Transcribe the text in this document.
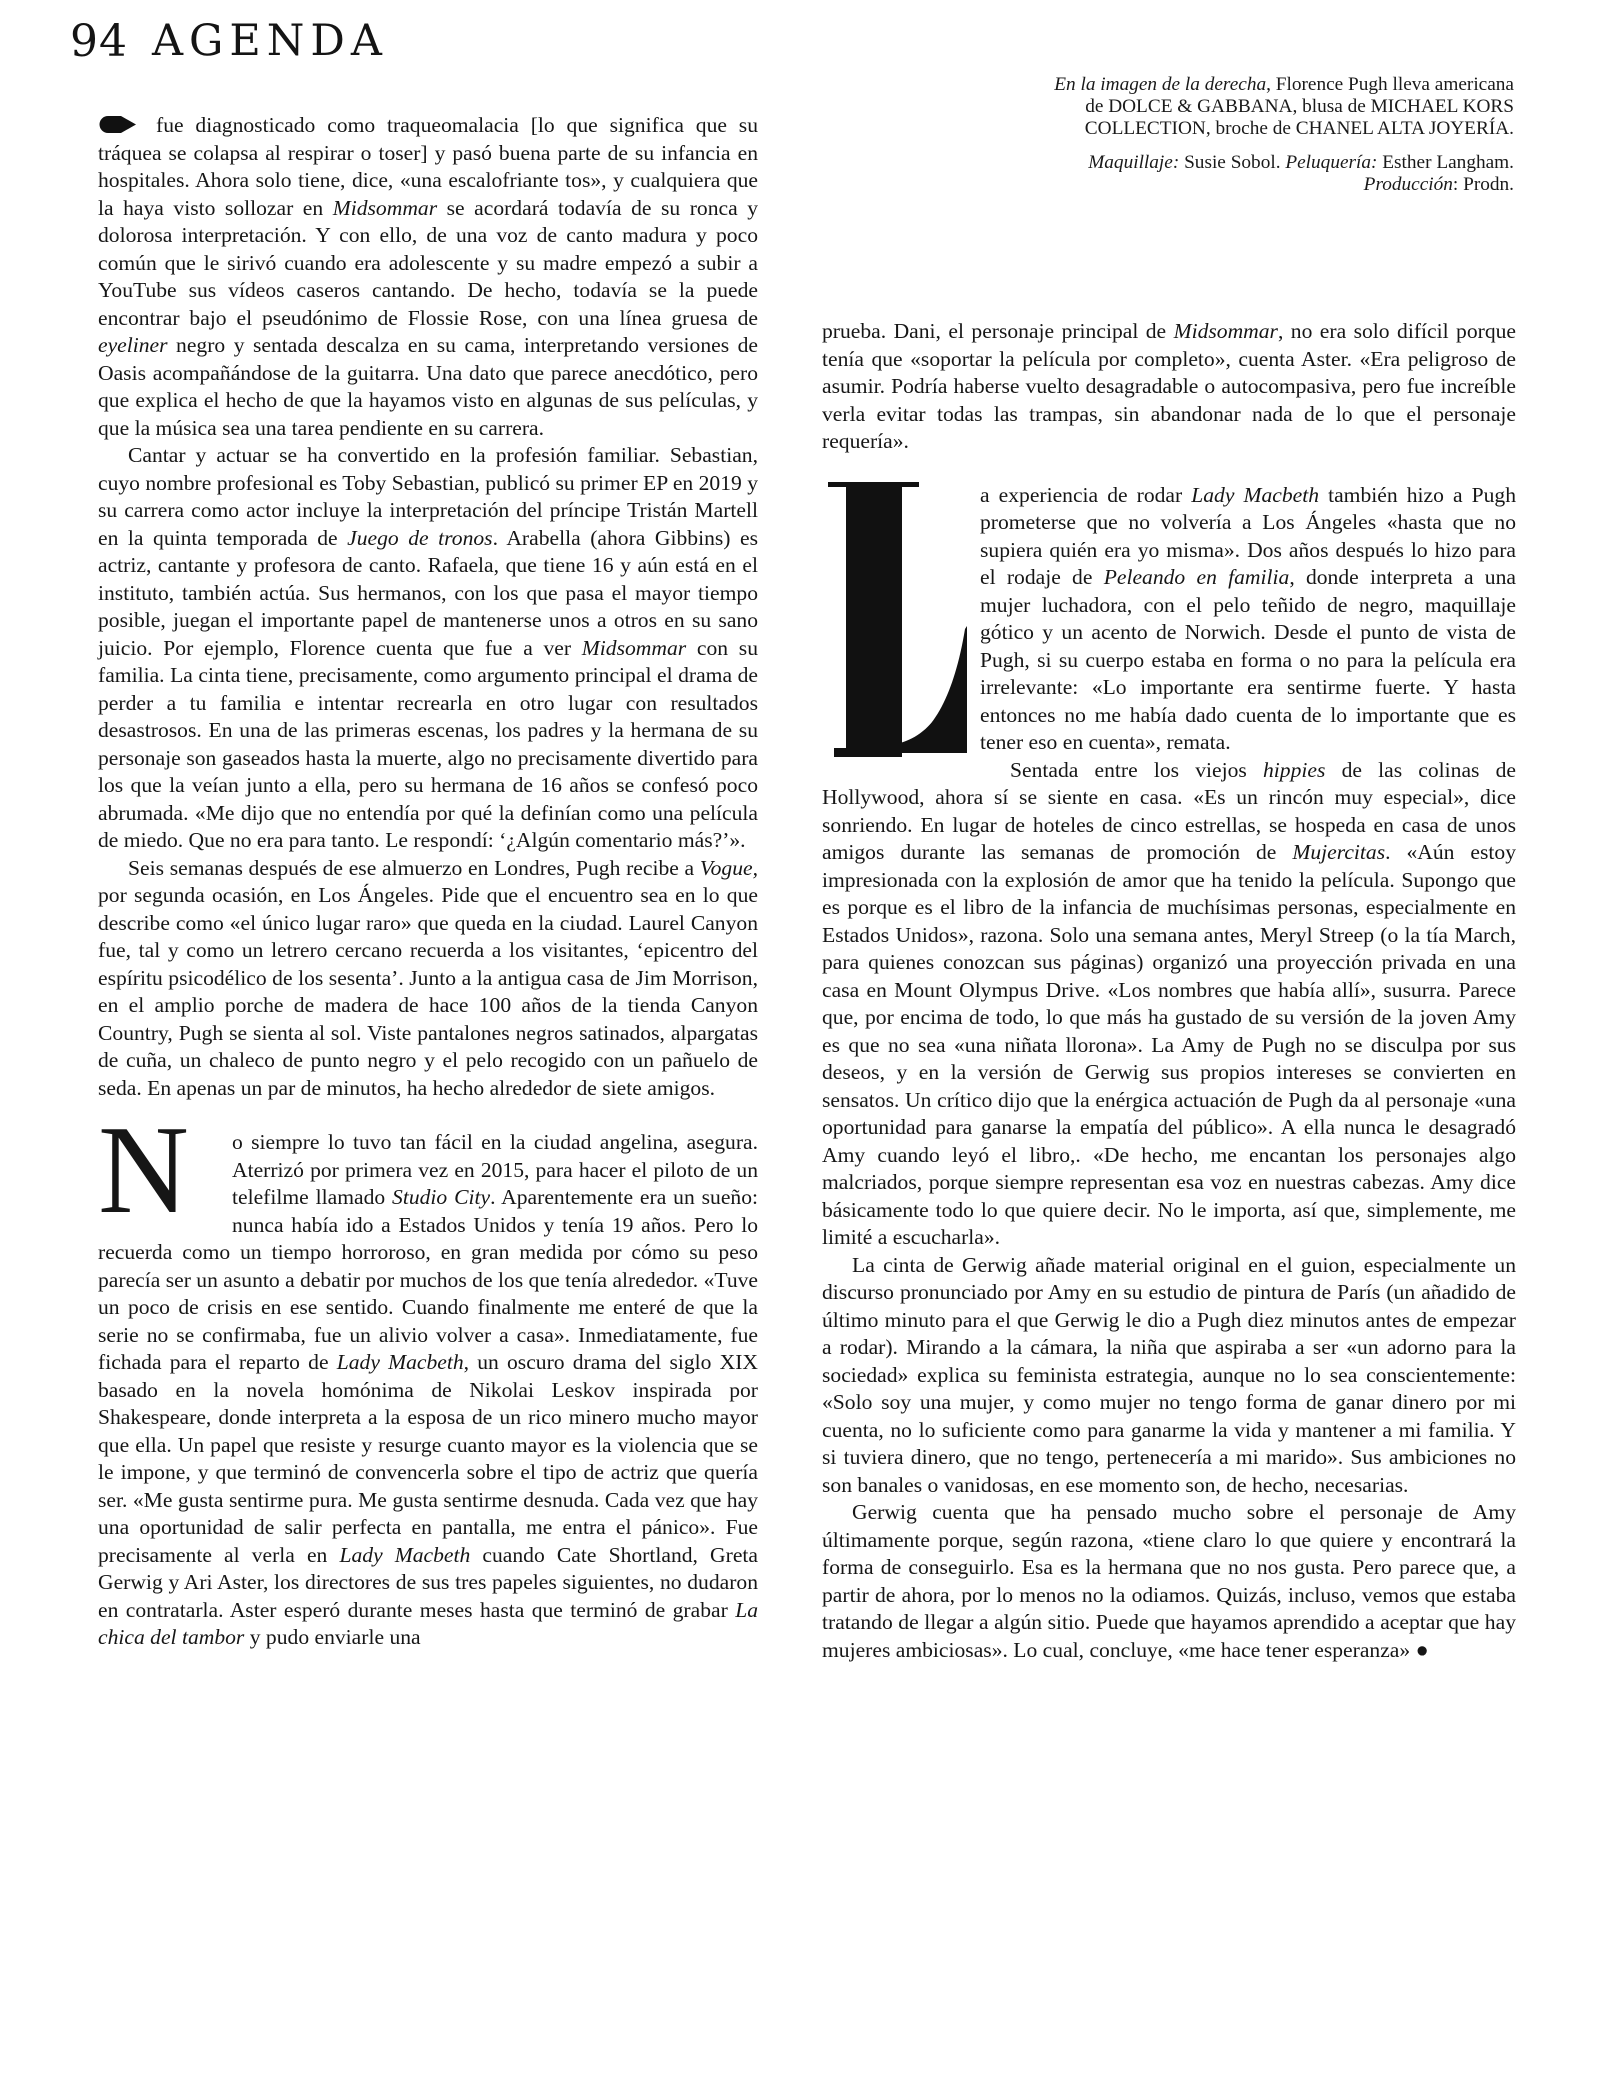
94 AGENDA

En la imagen de la derecha, Florence Pugh lleva americana de DOLCE & GABBANA, blusa de MICHAEL KORS COLLECTION, broche de CHANEL ALTA JOYERÍA.

Maquillaje: Susie Sobol. Peluquería: Esther Langham. Producción: Prodn.

fue diagnosticado como traqueomalacia [lo que significa que su tráquea se colapsa al respirar o toser] y pasó buena parte de su infancia en hospitales. Ahora solo tiene, dice, «una escalofriante tos», y cualquiera que la haya visto sollozar en Midsommar se acordará todavía de su ronca y dolorosa interpretación. Y con ello, de una voz de canto madura y poco común que le sirivó cuando era adolescente y su madre empezó a subir a YouTube sus vídeos caseros cantando. De hecho, todavía se la puede encontrar bajo el pseudónimo de Flossie Rose, con una línea gruesa de eyeliner negro y sentada descalza en su cama, interpretando versiones de Oasis acompañándose de la guitarra. Una dato que parece anecdótico, pero que explica el hecho de que la hayamos visto en algunas de sus películas, y que la música sea una tarea pendiente en su carrera.

Cantar y actuar se ha convertido en la profesión familiar. Sebastian, cuyo nombre profesional es Toby Sebastian, publicó su primer EP en 2019 y su carrera como actor incluye la interpretación del príncipe Tristán Martell en la quinta temporada de Juego de tronos. Arabella (ahora Gibbins) es actriz, cantante y profesora de canto. Rafaela, que tiene 16 y aún está en el instituto, también actúa. Sus hermanos, con los que pasa el mayor tiempo posible, juegan el importante papel de mantenerse unos a otros en su sano juicio. Por ejemplo, Florence cuenta que fue a ver Midsommar con su familia. La cinta tiene, precisamente, como argumento principal el drama de perder a tu familia e intentar recrearla en otro lugar con resultados desastrosos. En una de las primeras escenas, los padres y la hermana de su personaje son gaseados hasta la muerte, algo no precisamente divertido para los que la veían junto a ella, pero su hermana de 16 años se confesó poco abrumada. «Me dijo que no entendía por qué la definían como una película de miedo. Que no era para tanto. Le respondí: ‘¿Algún comentario más?’».

Seis semanas después de ese almuerzo en Londres, Pugh recibe a Vogue, por segunda ocasión, en Los Ángeles. Pide que el encuentro sea en lo que describe como «el único lugar raro» que queda en la ciudad. Laurel Canyon fue, tal y como un letrero cercano recuerda a los visitantes, ‘epicentro del espíritu psicodélico de los sesenta’. Junto a la antigua casa de Jim Morrison, en el amplio porche de madera de hace 100 años de la tienda Canyon Country, Pugh se sienta al sol. Viste pantalones negros satinados, alpargatas de cuña, un chaleco de punto negro y el pelo recogido con un pañuelo de seda. En apenas un par de minutos, ha hecho alrededor de siete amigos.

N	o siempre lo tuvo tan fácil en la ciudad angelina, asegura. Aterrizó por primera vez en 2015, para hacer el piloto de un telefilme llamado Studio City. Aparentemente era un sueño: nunca había ido a Estados Unidos y tenía 19 años. Pero lo recuerda como un tiempo horroroso, en gran medida por cómo su peso parecía ser un asunto a debatir por muchos de los que tenía alrededor. «Tuve un poco de crisis en ese sentido. Cuando finalmente me enteré de que la serie no se confirmaba, fue un alivio volver a casa». Inmediatamente, fue fichada para el reparto de Lady Macbeth, un oscuro drama del siglo XIX basado en la novela homónima de Nikolai Leskov inspirada por Shakespeare, donde interpreta a la esposa de un rico minero mucho mayor que ella. Un papel que resiste y resurge cuanto mayor es la violencia que se le impone, y que terminó de convencerla sobre el tipo de actriz que quería ser. «Me gusta sentirme pura. Me gusta sentirme desnuda. Cada vez que hay una oportunidad de salir perfecta en pantalla, me entra el pánico». Fue precisamente al verla en Lady Macbeth cuando Cate Shortland, Greta Gerwig y Ari Aster, los directores de sus tres papeles siguientes, no dudaron en contratarla. Aster esperó durante meses hasta que terminó de grabar La chica del tambor y pudo enviarle una

prueba. Dani, el personaje principal de Midsommar, no era solo difícil porque tenía que «soportar la película por completo», cuenta Aster. «Era peligroso de asumir. Podría haberse vuelto desagradable o autocompasiva, pero fue increíble verla evitar todas las trampas, sin abandonar nada de lo que el personaje requería».

a experiencia de rodar Lady Macbeth también hizo a Pugh prometerse que no volvería a Los Ángeles «hasta que no supiera quién era yo misma». Dos años después lo hizo para el rodaje de Peleando en familia, donde interpreta a una mujer luchadora, con el pelo teñido de negro, maquillaje gótico y un acento de Norwich. Desde el punto de vista de Pugh, si su cuerpo estaba en forma o no para la película era irrelevante: «Lo importante era sentirme fuerte. Y hasta entonces no me había dado cuenta de lo importante que es tener eso en cuenta», remata.

Sentada entre los viejos hippies de las colinas de Hollywood, ahora sí se siente en casa. «Es un rincón muy especial», dice sonriendo. En lugar de hoteles de cinco estrellas, se hospeda en casa de unos amigos durante las semanas de promoción de Mujercitas. «Aún estoy impresionada con la explosión de amor que ha tenido la película. Supongo que es porque es el libro de la infancia de muchísimas personas, especialmente en Estados Unidos», razona. Solo una semana antes, Meryl Streep (o la tía March, para quienes conozcan sus páginas) organizó una proyección privada en una casa en Mount Olympus Drive. «Los nombres que había allí», susurra. Parece que, por encima de todo, lo que más ha gustado de su versión de la joven Amy es que no sea «una niñata llorona». La Amy de Pugh no se disculpa por sus deseos, y en la versión de Gerwig sus propios intereses se convierten en sensatos. Un crítico dijo que la enérgica actuación de Pugh da al personaje «una oportunidad para ganarse la empatía del público». A ella nunca le desagradó Amy cuando leyó el libro,. «De hecho, me encantan los personajes algo malcriados, porque siempre representan esa voz en nuestras cabezas. Amy dice básicamente todo lo que quiere decir. No le importa, así que, simplemente, me limité a escucharla».

La cinta de Gerwig añade material original en el guion, especialmente un discurso pronunciado por Amy en su estudio de pintura de París (un añadido de último minuto para el que Gerwig le dio a Pugh diez minutos antes de empezar a rodar). Mirando a la cámara, la niña que aspiraba a ser «un adorno para la sociedad» explica su feminista estrategia, aunque no lo sea conscientemente: «Solo soy una mujer, y como mujer no tengo forma de ganar dinero por mi cuenta, no lo suficiente como para ganarme la vida y mantener a mi familia. Y si tuviera dinero, que no tengo, pertenecería a mi marido». Sus ambiciones no son banales o vanidosas, en ese momento son, de hecho, necesarias.

Gerwig cuenta que ha pensado mucho sobre el personaje de Amy últimamente porque, según razona, «tiene claro lo que quiere y encontrará la forma de conseguirlo. Esa es la hermana que no nos gusta. Pero parece que, a partir de ahora, por lo menos no la odiamos. Quizás, incluso, vemos que estaba tratando de llegar a algún sitio. Puede que hayamos aprendido a aceptar que hay mujeres ambiciosas». Lo cual, concluye, «me hace tener esperanza» ●
